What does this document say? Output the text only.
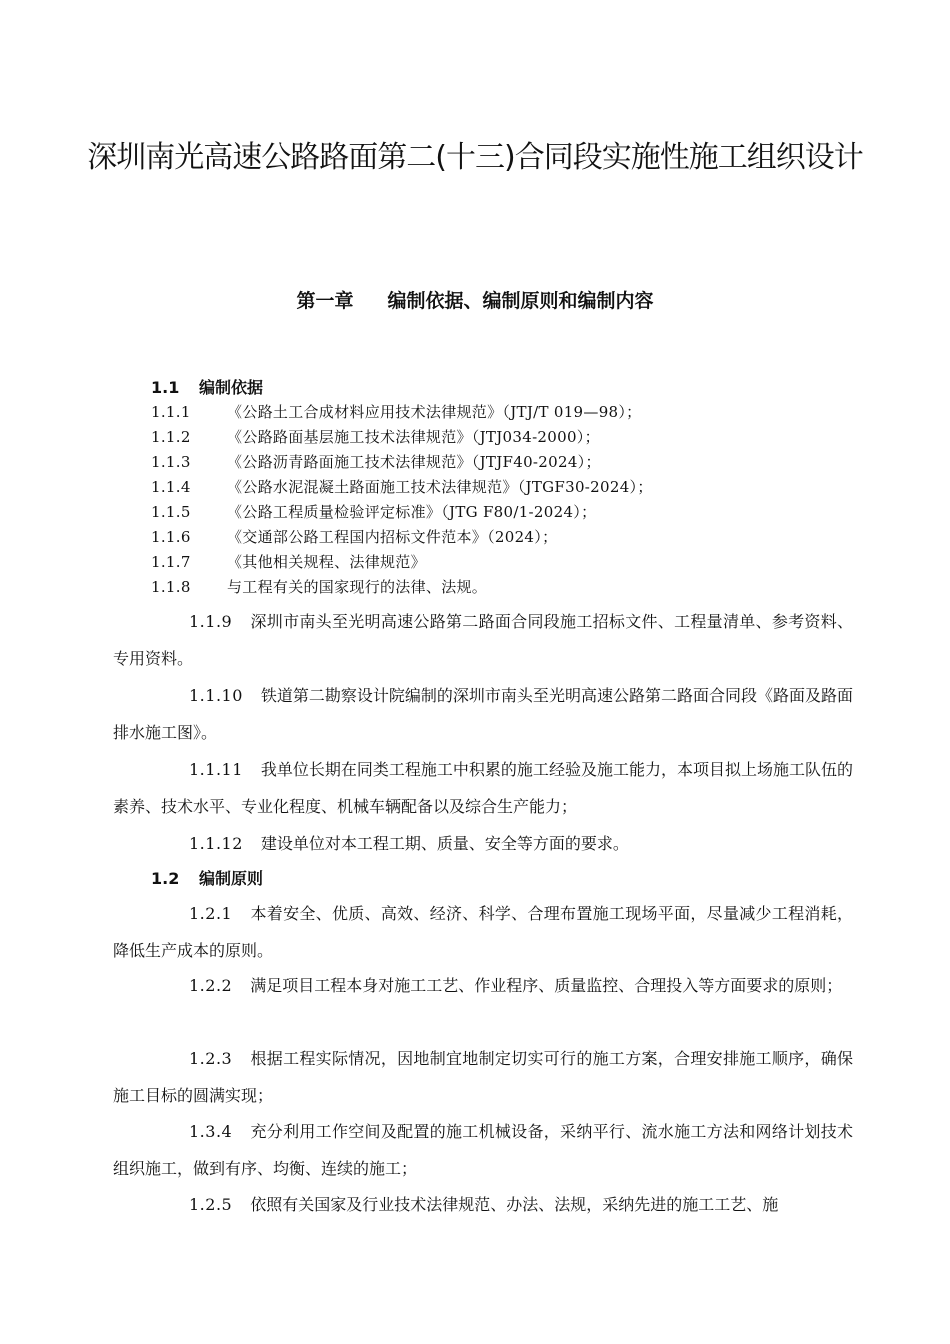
深圳南光高速公路路面第二(十三)合同段实施性施工组织设计
第一章 编制依据、编制原则和编制内容
1.1 编制依据
1.1.1 《公路土工合成材料应用技术法律规范》（JTJ/T 019—98）；
1.1.2 《公路路面基层施工技术法律规范》（JTJ034-2000）；
1.1.3 《公路沥青路面施工技术法律规范》（JTJF40-2024）；
1.1.4 《公路水泥混凝土路面施工技术法律规范》（JTGF30-2024）；
1.1.5 《公路工程质量检验评定标准》（JTG F80/1-2024）；
1.1.6 《交通部公路工程国内招标文件范本》（2024）；
1.1.7 《其他相关规程、法律规范》
1.1.8 与工程有关的国家现行的法律、法规。
1.1.9 深圳市南头至光明高速公路第二路面合同段施工招标文件、工程量清单、参考资料、专用资料。
1.1.10 铁道第二勘察设计院编制的深圳市南头至光明高速公路第二路面合同段《路面及路面排水施工图》。
1.1.11 我单位长期在同类工程施工中积累的施工经验及施工能力，本项目拟上场施工队伍的素养、技术水平、专业化程度、机械车辆配备以及综合生产能力；
1.1.12 建设单位对本工程工期、质量、安全等方面的要求。
1.2 编制原则
1.2.1 本着安全、优质、高效、经济、科学、合理布置施工现场平面，尽量减少工程消耗，降低生产成本的原则。
1.2.2 满足项目工程本身对施工工艺、作业程序、质量监控、合理投入等方面要求的原则；
1.2.3 根据工程实际情况，因地制宜地制定切实可行的施工方案，合理安排施工顺序，确保施工目标的圆满实现；
1.3.4 充分利用工作空间及配置的施工机械设备，采纳平行、流水施工方法和网络计划技术组织施工，做到有序、均衡、连续的施工；
1.2.5 依照有关国家及行业技术法律规范、办法、法规，采纳先进的施工工艺、施
